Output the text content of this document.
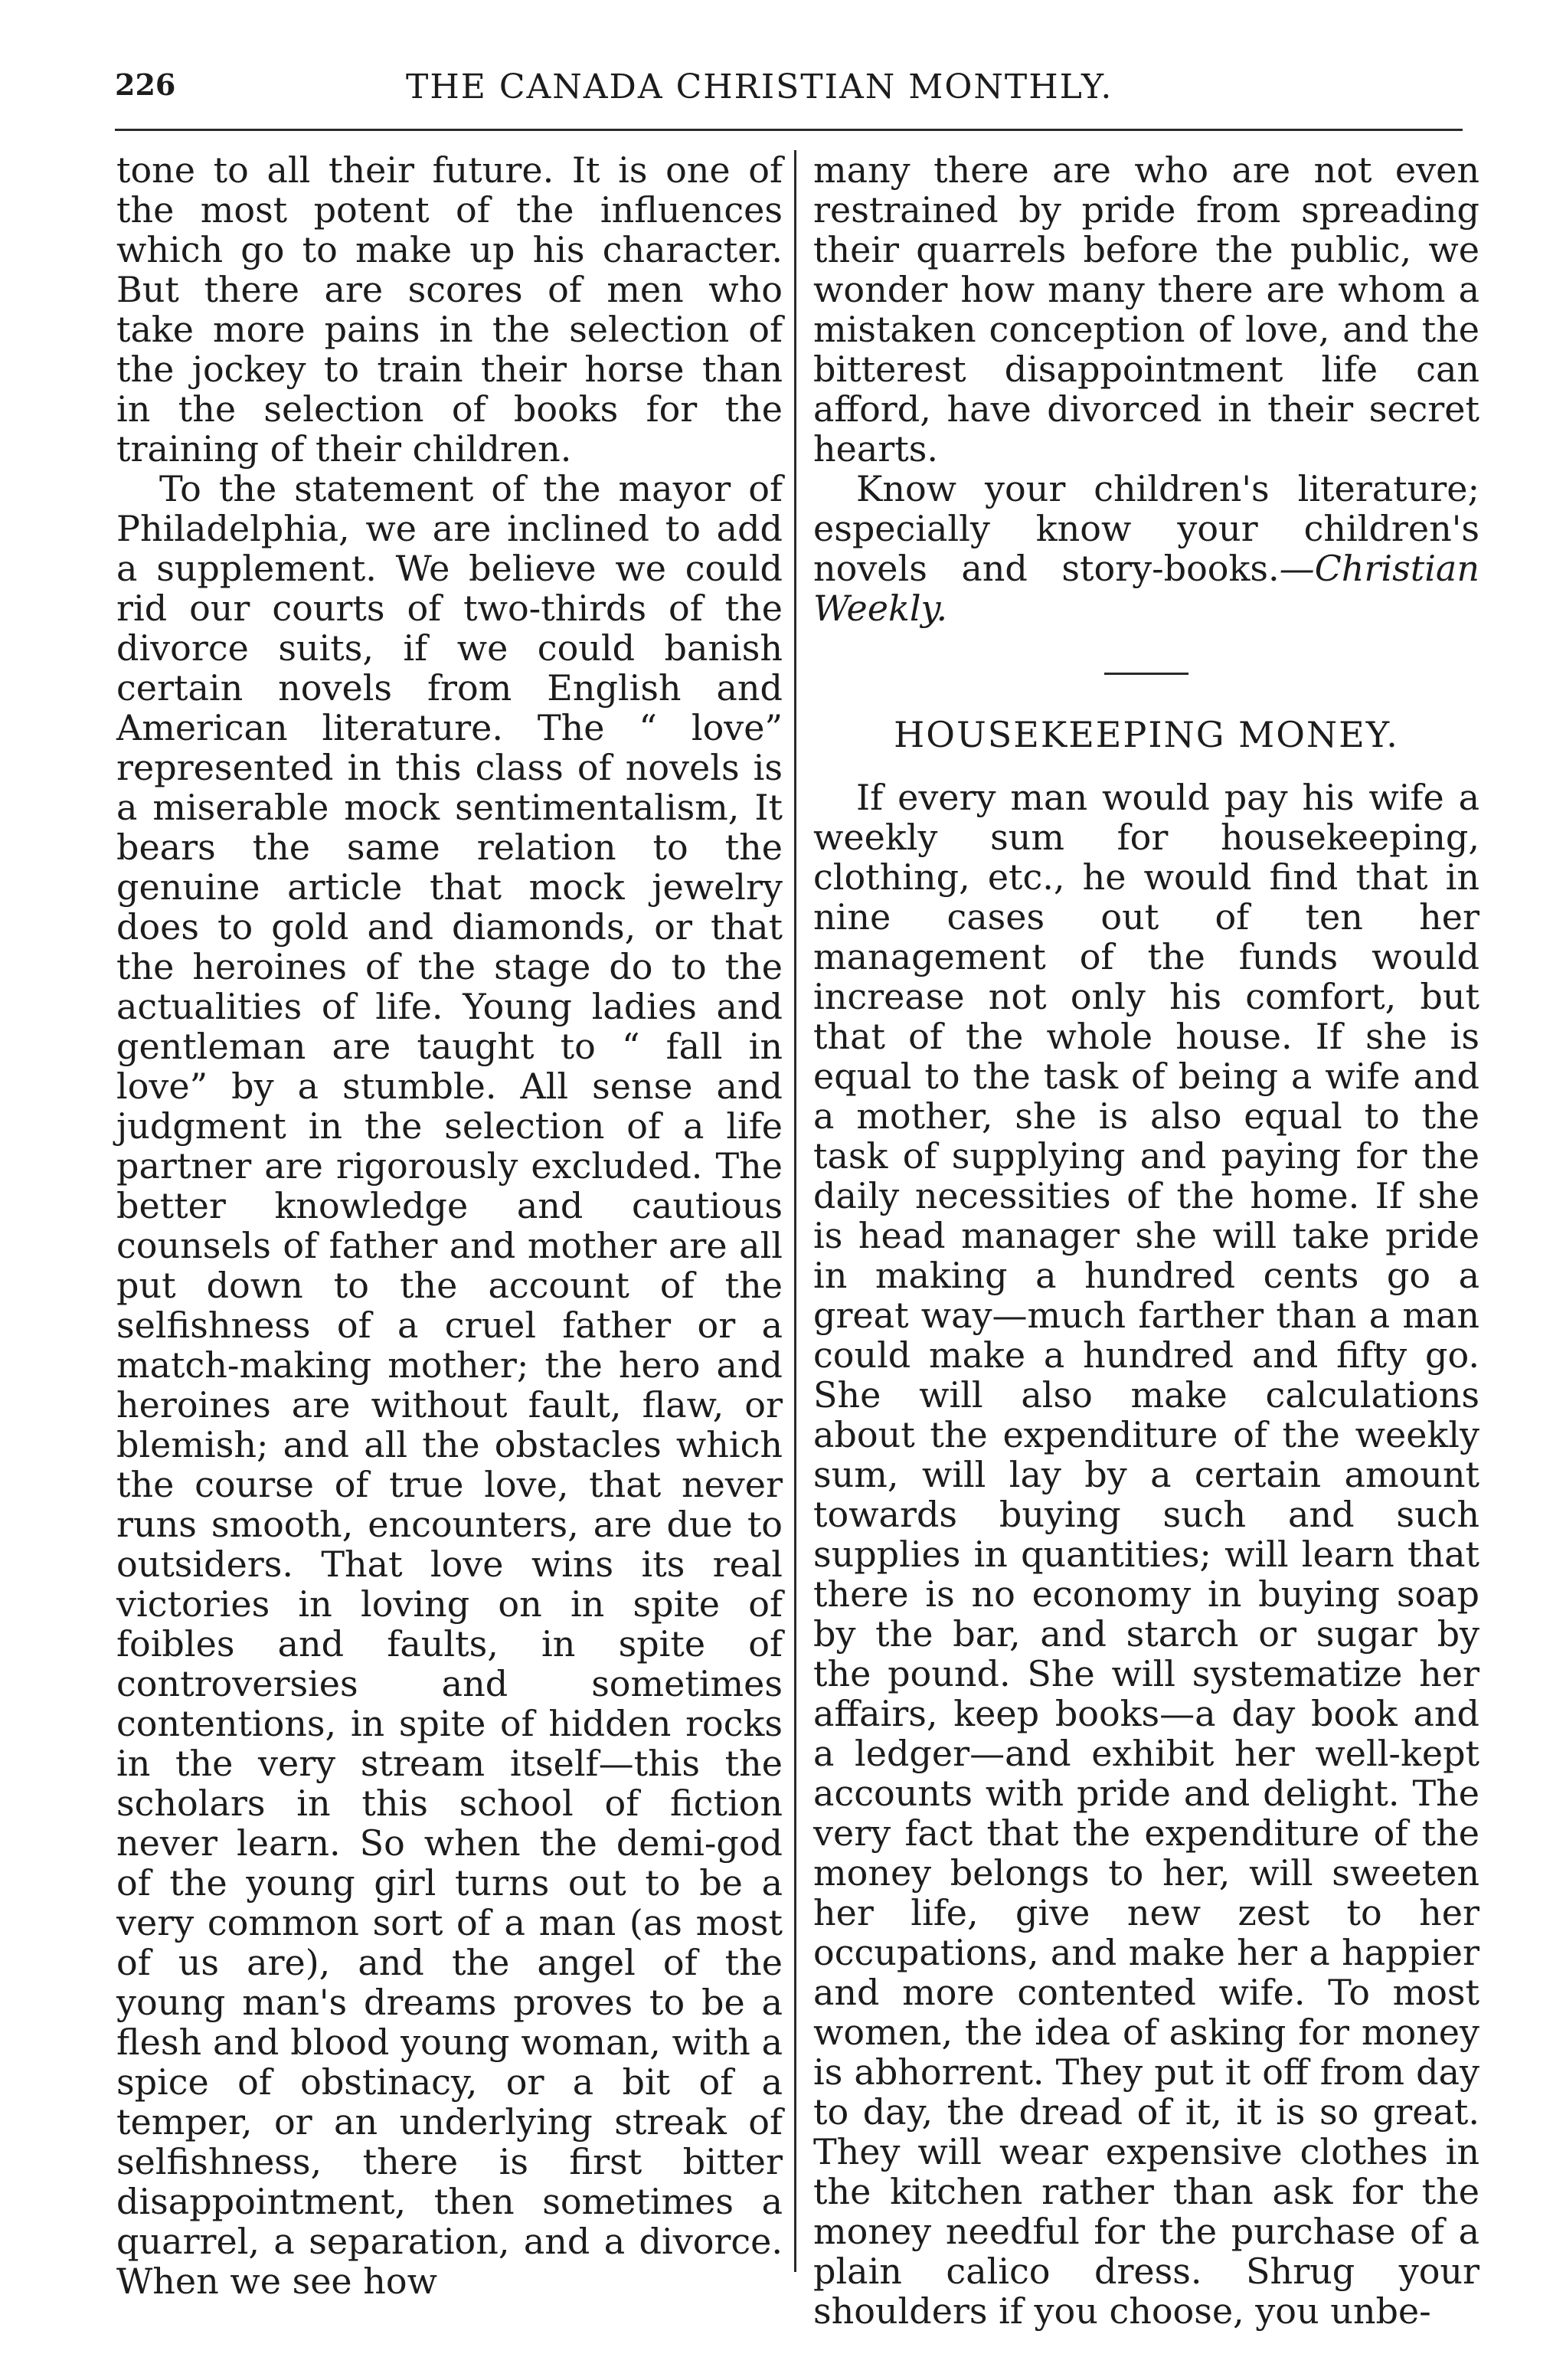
226	THE CANADA CHRISTIAN MONTHLY.

tone to all their future. It is one of the most potent of the influences which go to make up his character. But there are scores of men who take more pains in the selection of the jockey to train their horse than in the selection of books for the training of their children.

To the statement of the mayor of Philadelphia, we are inclined to add a supplement. We believe we could rid our courts of two-thirds of the divorce suits, if we could banish certain novels from English and American literature. The “ love” represented in this class of novels is a miserable mock sentimentalism, It bears the same relation to the genuine article that mock jewelry does to gold and diamonds, or that the heroines of the stage do to the actualities of life. Young ladies and gentleman are taught to “ fall in love” by a stumble. All sense and judgment in the selection of a life partner are rigorously excluded. The better knowledge and cautious counsels of father and mother are all put down to the account of the selfishness of a cruel father or a match-making mother; the hero and heroines are without fault, flaw, or blemish; and all the obstacles which the course of true love, that never runs smooth, encounters, are due to outsiders. That love wins its real victories in loving on in spite of foibles and faults, in spite of controversies and sometimes contentions, in spite of hidden rocks in the very stream itself—this the scholars in this school of fiction never learn. So when the demi-god of the young girl turns out to be a very common sort of a man (as most of us are), and the angel of the young man's dreams proves to be a flesh and blood young woman, with a spice of obstinacy, or a bit of a temper, or an underlying streak of selfishness, there is first bitter disappointment, then sometimes a quarrel, a separation, and a divorce. When we see how

many there are who are not even restrained by pride from spreading their quarrels before the public, we wonder how many there are whom a mistaken conception of love, and the bitterest disappointment life can afford, have divorced in their secret hearts.

Know your children's literature; especially know your children's novels and story-books.—Christian Weekly.

HOUSEKEEPING MONEY.

If every man would pay his wife a weekly sum for housekeeping, clothing, etc., he would find that in nine cases out of ten her management of the funds would increase not only his comfort, but that of the whole house. If she is equal to the task of being a wife and a mother, she is also equal to the task of supplying and paying for the daily necessities of the home. If she is head manager she will take pride in making a hundred cents go a great way—much farther than a man could make a hundred and fifty go. She will also make calculations about the expenditure of the weekly sum, will lay by a certain amount towards buying such and such supplies in quantities; will learn that there is no economy in buying soap by the bar, and starch or sugar by the pound. She will systematize her affairs, keep books—a day book and a ledger—and exhibit her well-kept accounts with pride and delight. The very fact that the expenditure of the money belongs to her, will sweeten her life, give new zest to her occupations, and make her a happier and more contented wife. To most women, the idea of asking for money is abhorrent. They put it off from day to day, the dread of it, it is so great. They will wear expensive clothes in the kitchen rather than ask for the money needful for the purchase of a plain calico dress. Shrug your shoulders if you choose, you unbe-
